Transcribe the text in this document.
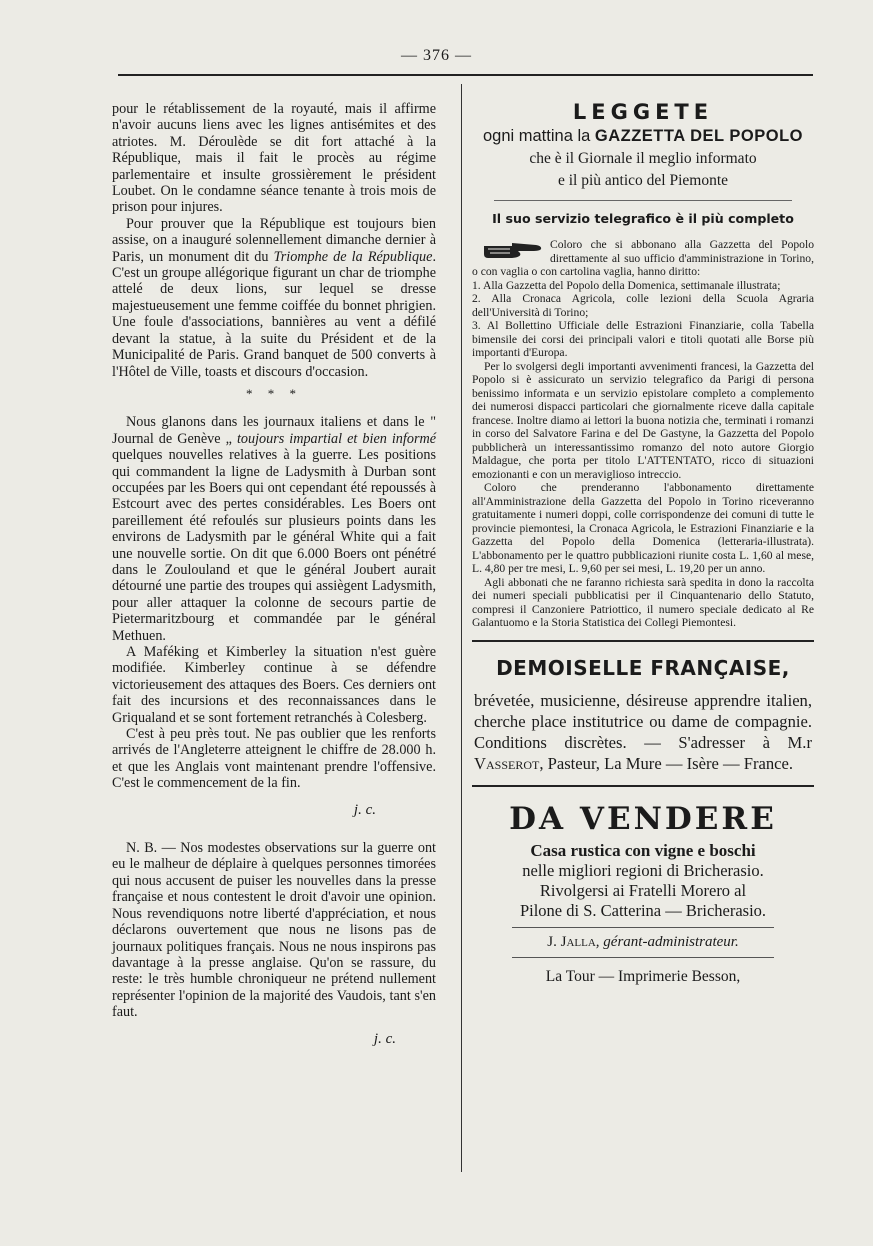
— 376 —

pour le rétablissement de la royauté, mais il affirme n'avoir aucuns liens avec les lignes antisémites et des atriotes. M. Déroulède se dit fort attaché à la République, mais il fait le procès au régime parlementaire et insulte grossièrement le président Loubet. On le condamne séance tenante à trois mois de prison pour injures.

Pour prouver que la République est toujours bien assise, on a inauguré solennellement dimanche dernier à Paris, un monument dit du Triomphe de la République. C'est un groupe allégorique figurant un char de triomphe attelé de deux lions, sur lequel se dresse majestueusement une femme coiffée du bonnet phrigien. Une foule d'associations, bannières au vent a défilé devant la statue, à la suite du Président et de la Municipalité de Paris. Grand banquet de 500 converts à l'Hôtel de Ville, toasts et discours d'occasion.

* * *

Nous glanons dans les journaux italiens et dans le " Journal de Genève „ toujours impartial et bien informé quelques nouvelles relatives à la guerre. Les positions qui commandent la ligne de Ladysmith à Durban sont occupées par les Boers qui ont cependant été repoussés à Estcourt avec des pertes considérables. Les Boers ont pareillement été refoulés sur plusieurs points dans les environs de Ladysmith par le général White qui a fait une nouvelle sortie. On dit que 6.000 Boers ont pénétré dans le Zoulouland et que le général Joubert aurait détourné une partie des troupes qui assiègent Ladysmith, pour aller attaquer la colonne de secours partie de Pietermaritzbourg et commandée par le général Methuen.

A Maféking et Kimberley la situation n'est guère modifiée. Kimberley continue à se défendre victorieusement des attaques des Boers. Ces derniers ont fait des incursions et des reconnaissances dans le Griqualand et se sont fortement retranchés à Colesberg.

C'est à peu près tout. Ne pas oublier que les renforts arrivés de l'Angleterre atteignent le chiffre de 28.000 h. et que les Anglais vont maintenant prendre l'offensive. C'est le commencement de la fin.

j. c.

N. B. — Nos modestes observations sur la guerre ont eu le malheur de déplaire à quelques personnes timorées qui nous accusent de puiser les nouvelles dans la presse française et nous contestent le droit d'avoir une opinion. Nous revendiquons notre liberté d'appréciation, et nous déclarons ouvertement que nous ne lisons pas de journaux politiques français. Nous ne nous inspirons pas davantage à la presse anglaise. Qu'on se rassure, du reste: le très humble chroniqueur ne prétend nullement représenter l'opinion de la majorité des Vaudois, tant s'en faut.

j. c.

LEGGETE
ogni mattina la GAZZETTA DEL POPOLO
che è il Giornale il meglio informato
e il più antico del Piemonte
Il suo servizio telegrafico è il più completo

Coloro che si abbonano alla Gazzetta del Popolo direttamente al suo ufficio d'amministrazione in Torino, o con vaglia o con cartolina vaglia, hanno diritto:

1. Alla Gazzetta del Popolo della Domenica, settimanale illustrata;

2. Alla Cronaca Agricola, colle lezioni della Scuola Agraria dell'Università di Torino;

3. Al Bollettino Ufficiale delle Estrazioni Finanziarie, colla Tabella bimensile dei corsi dei principali valori e titoli quotati alle Borse più importanti d'Europa.

Per lo svolgersi degli importanti avvenimenti francesi, la Gazzetta del Popolo si è assicurato un servizio telegrafico da Parigi di persona benissimo informata e un servizio epistolare completo a complemento dei numerosi dispacci particolari che giornalmente riceve dalla capitale francese. Inoltre diamo ai lettori la buona notizia che, terminati i romanzi in corso del Salvatore Farina e del De Gastyne, la Gazzetta del Popolo pubblicherà un interessantissimo romanzo del noto autore Giorgio Maldague, che porta per titolo L'ATTENTATO, ricco di situazioni emozionanti e con un meraviglioso intreccio.

Coloro che prenderanno l'abbonamento direttamente all'Amministrazione della Gazzetta del Popolo in Torino riceveranno gratuitamente i numeri doppi, colle corrispondenze dei comuni di tutte le provincie piemontesi, la Cronaca Agricola, le Estrazioni Finanziarie e la Gazzetta del Popolo della Domenica (letteraria-illustrata). L'abbonamento per le quattro pubblicazioni riunite costa L. 1,60 al mese, L. 4,80 per tre mesi, L. 9,60 per sei mesi, L. 19,20 per un anno.

Agli abbonati che ne faranno richiesta sarà spedita in dono la raccolta dei numeri speciali pubblicatisi per il Cinquantenario dello Statuto, compresi il Canzoniere Patriottico, il numero speciale dedicato al Re Galantuomo e la Storia Statistica dei Collegi Piemontesi.

DEMOISELLE FRANÇAISE,
brévetée, musicienne, désireuse apprendre italien, cherche place institutrice ou dame de compagnie. Conditions discrètes. — S'adresser à M.r Vasserot, Pasteur, La Mure — Isère — France.
DA VENDERE

Casa rustica con vigne e boschi

nelle migliori regioni di Bricherasio.

Rivolgersi ai Fratelli Morero al

Pilone di S. Catterina — Bricherasio.

J. Jalla, gérant-administrateur.
La Tour — Imprimerie Besson,
